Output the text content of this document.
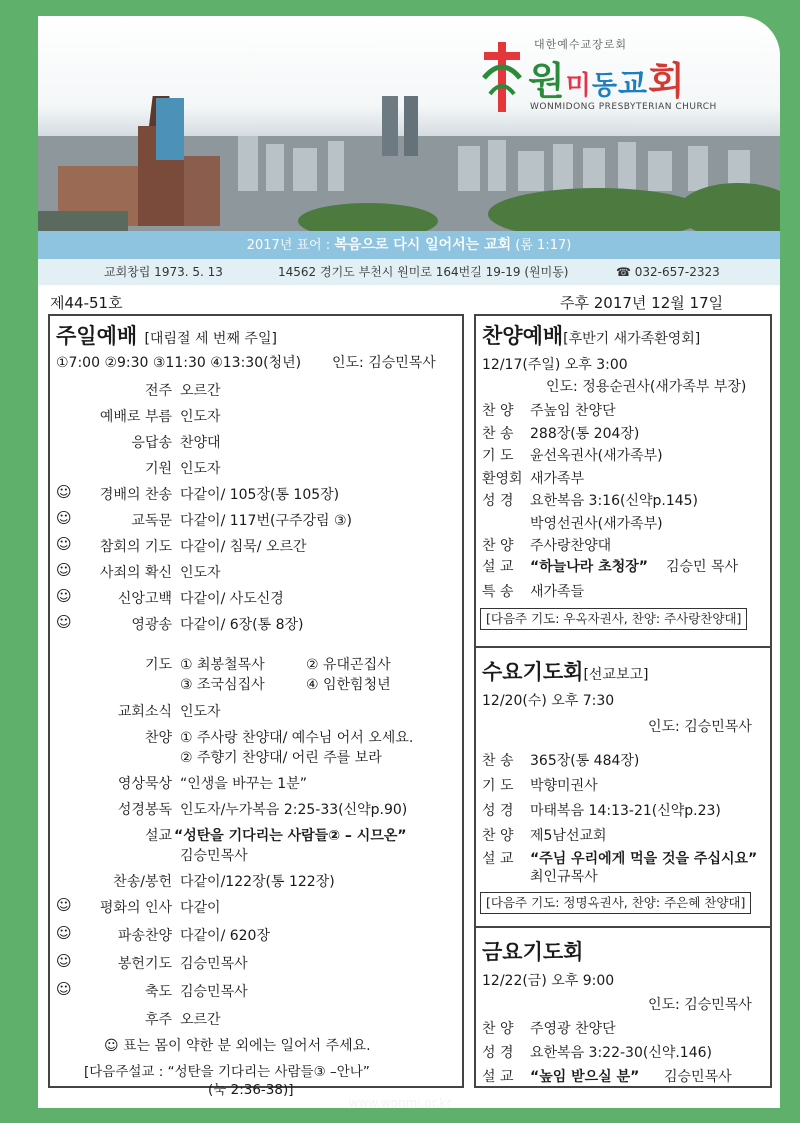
대한예수교장로회
원미동교회
WONMIDONG PRESBYTERIAN CHURCH
2017년 표어 : 복음으로 다시 일어서는 교회 (롬 1:17)
교회창립 1973. 5. 13	14562 경기도 부천시 원미로 164번길 19-19 (원미동)	☎ 032-657-2323
제44-51호	주후 2017년 12월 17일
주일예배 [대림절 세 번째 주일]
①7:00 ②9:30 ③11:30 ④13:30(청년) 인도: 김승민목사
전주 오르간
예배로 부름 인도자
응답송 찬양대
기원 인도자
☺	경배의 찬송 다같이/ 105장(통 105장)
☺	교독문 다같이/ 117번(구주강림 ③)
☺	참회의 기도 다같이/ 침묵/ 오르간
☺	사죄의 확신 인도자
☺	신앙고백 다같이/ 사도신경
☺	영광송 다같이/ 6장(통 8장)
기도 ① 최봉철목사	② 유대곤집사
③ 조국심집사	④ 임한힘청년
교회소식 인도자
찬양 ① 주사랑 찬양대/ 예수님 어서 오세요.
② 주향기 찬양대/ 어린 주를 보라
영상묵상 “인생을 바꾸는 1분”
성경봉독 인도자/누가복음 2:25-33(신약p.90)
설교 “성탄을 기다리는 사람들② – 시므온”
김승민목사
찬송/봉헌 다같이/122장(통 122장)
☺	평화의 인사 다같이
☺	파송찬양 다같이/ 620장
☺	봉헌기도 김승민목사
☺	축도 김승민목사
후주 오르간
☺ 표는 몸이 약한 분 외에는 일어서 주세요.
[다음주설교 : “성탄을 기다리는 사람들③ –안나”
(눅 2:36-38)]
찬양예배[후반기 새가족환영회]
12/17(주일) 오후 3:00
인도: 정용순권사(새가족부 부장)
찬 양 주높임 찬양단
찬 송 288장(통 204장)
기 도 윤선옥권사(새가족부)
환영회 새가족부
성 경 요한복음 3:16(신약p.145)
박영선권사(새가족부)
찬 양 주사랑찬양대
설 교 “하늘나라 초청장” 김승민 목사
특 송 새가족들
[다음주 기도: 우옥자권사, 찬양: 주사랑찬양대]
수요기도회[선교보고]
12/20(수) 오후 7:30
인도: 김승민목사
찬 송 365장(통 484장)
기 도 박향미권사
성 경 마태복음 14:13-21(신약p.23)
찬 양 제5남선교회
설 교 “주님 우리에게 먹을 것을 주십시요”
최인규목사
[다음주 기도: 정명옥권사, 찬양: 주은혜 찬양대]
금요기도회
12/22(금) 오후 9:00
인도: 김승민목사
찬 양 주영광 찬양단
성 경 요한복음 3:22-30(신약.146)
설 교 “높임 받으실 분” 김승민목사
www.wonmi.or.kr
